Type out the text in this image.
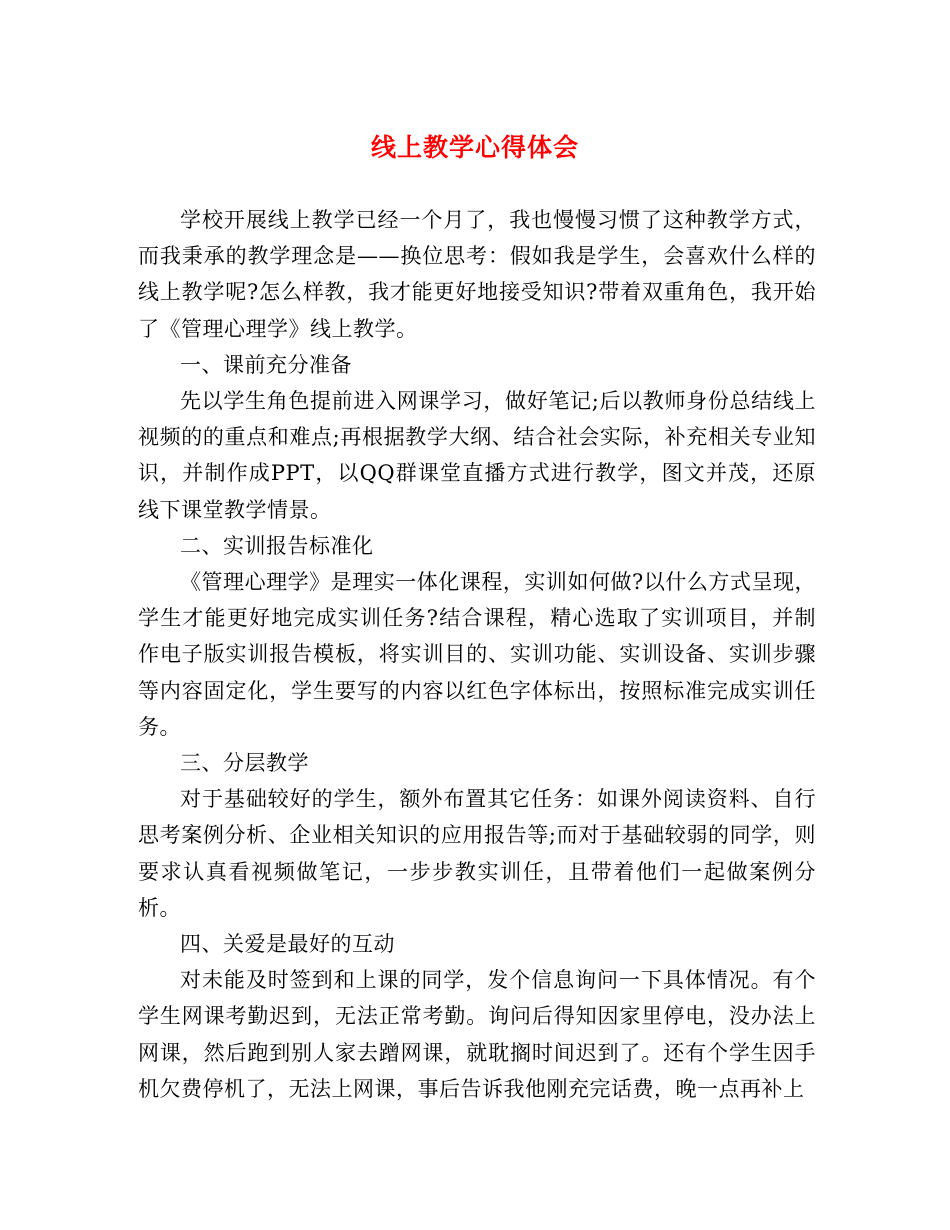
线上教学心得体会

学校开展线上教学已经一个月了，我也慢慢习惯了这种教学方式，而我秉承的教学理念是——换位思考：假如我是学生，会喜欢什么样的线上教学呢?怎么样教，我才能更好地接受知识?带着双重角色，我开始了《管理心理学》线上教学。

一、课前充分准备

先以学生角色提前进入网课学习，做好笔记;后以教师身份总结线上视频的的重点和难点;再根据教学大纲、结合社会实际，补充相关专业知识，并制作成PPT，以QQ群课堂直播方式进行教学，图文并茂，还原线下课堂教学情景。

二、实训报告标准化

《管理心理学》是理实一体化课程，实训如何做?以什么方式呈现，学生才能更好地完成实训任务?结合课程，精心选取了实训项目，并制作电子版实训报告模板，将实训目的、实训功能、实训设备、实训步骤等内容固定化，学生要写的内容以红色字体标出，按照标准完成实训任务。

三、分层教学

对于基础较好的学生，额外布置其它任务：如课外阅读资料、自行思考案例分析、企业相关知识的应用报告等;而对于基础较弱的同学，则要求认真看视频做笔记，一步步教实训任，且带着他们一起做案例分析。

四、关爱是最好的互动

对未能及时签到和上课的同学，发个信息询问一下具体情况。有个学生网课考勤迟到，无法正常考勤。询问后得知因家里停电，没办法上网课，然后跑到别人家去蹭网课，就耽搁时间迟到了。还有个学生因手机欠费停机了，无法上网课，事后告诉我他刚充完话费，晚一点再补上
